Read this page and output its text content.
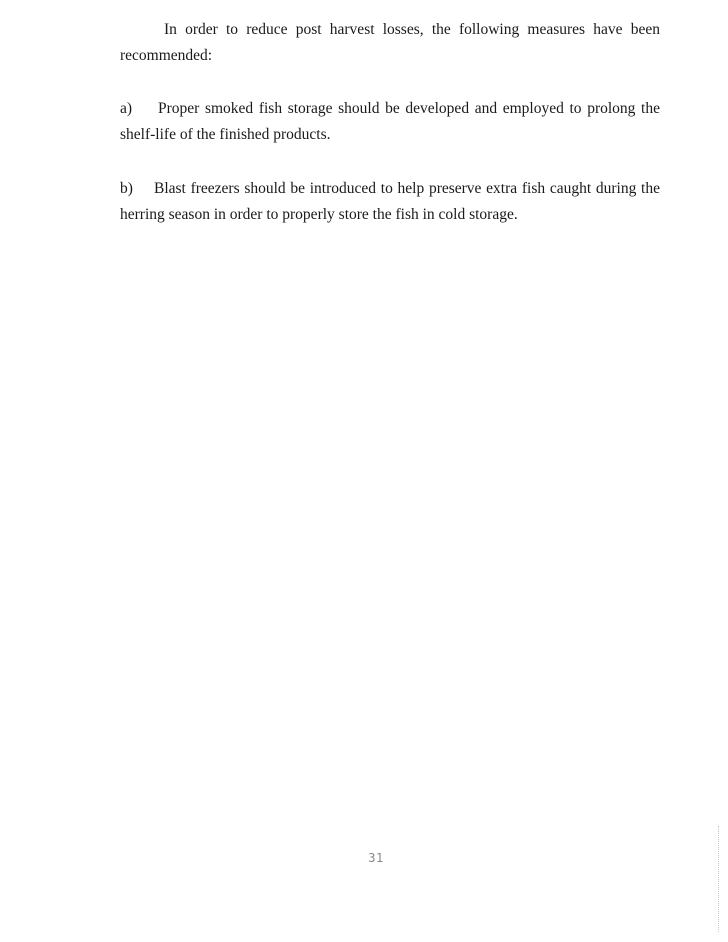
In order to reduce post harvest losses, the following measures have been recommended:

a) Proper smoked fish storage should be developed and employed to prolong the shelf-life of the finished products.

b) Blast freezers should be introduced to help preserve extra fish caught during the herring season in order to properly store the fish in cold storage.

31
